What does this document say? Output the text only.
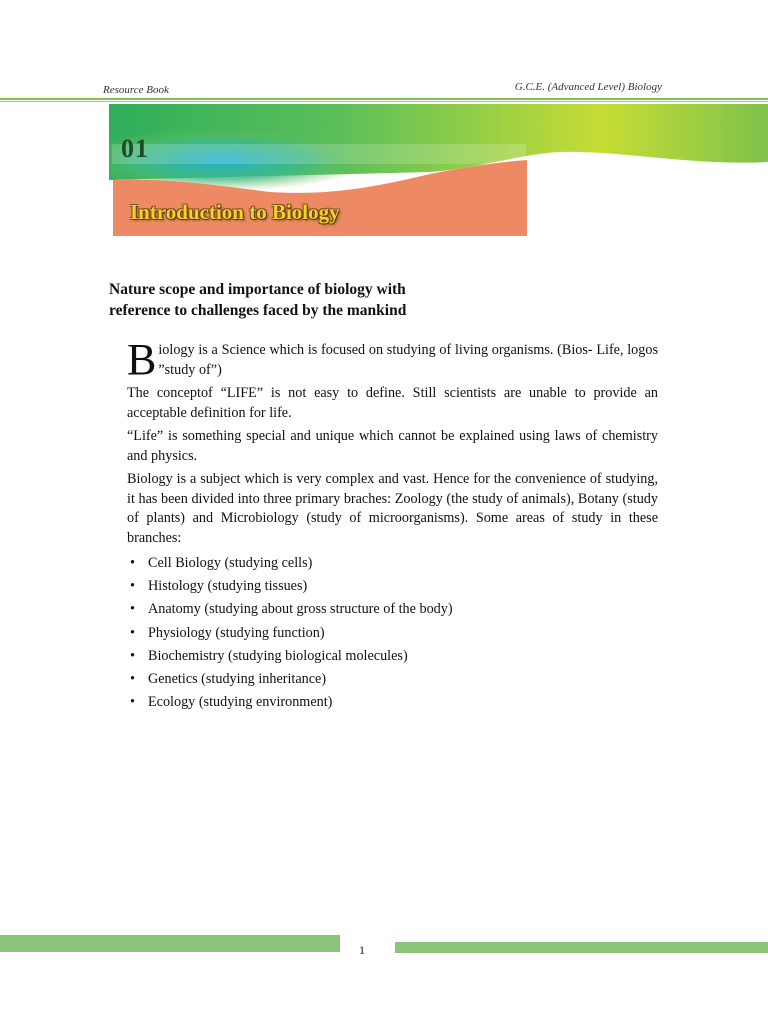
Resource Book	G.C.E. (Advanced Level) Biology
01
Introduction to Biology
Nature scope and importance of biology with
reference to challenges faced by the mankind

Biology is a Science which is focused on studying of living organisms. (Bios- Life, logos ”study of”)

The conceptof “LIFE” is not easy to define. Still scientists are unable to provide an acceptable definition for life.

“Life” is something special and unique which cannot be explained using laws of chemistry and physics.

Biology is a subject which is very complex and vast. Hence for the convenience of studying, it has been divided into three primary braches: Zoology (the study of animals), Botany (study of plants) and Microbiology (study of microorganisms). Some areas of study in these branches:

• Cell Biology (studying cells)
• Histology (studying tissues)
• Anatomy (studying about gross structure of the body)
• Physiology (studying function)
• Biochemistry (studying biological molecules)
• Genetics (studying inheritance)
• Ecology (studying environment)
1
